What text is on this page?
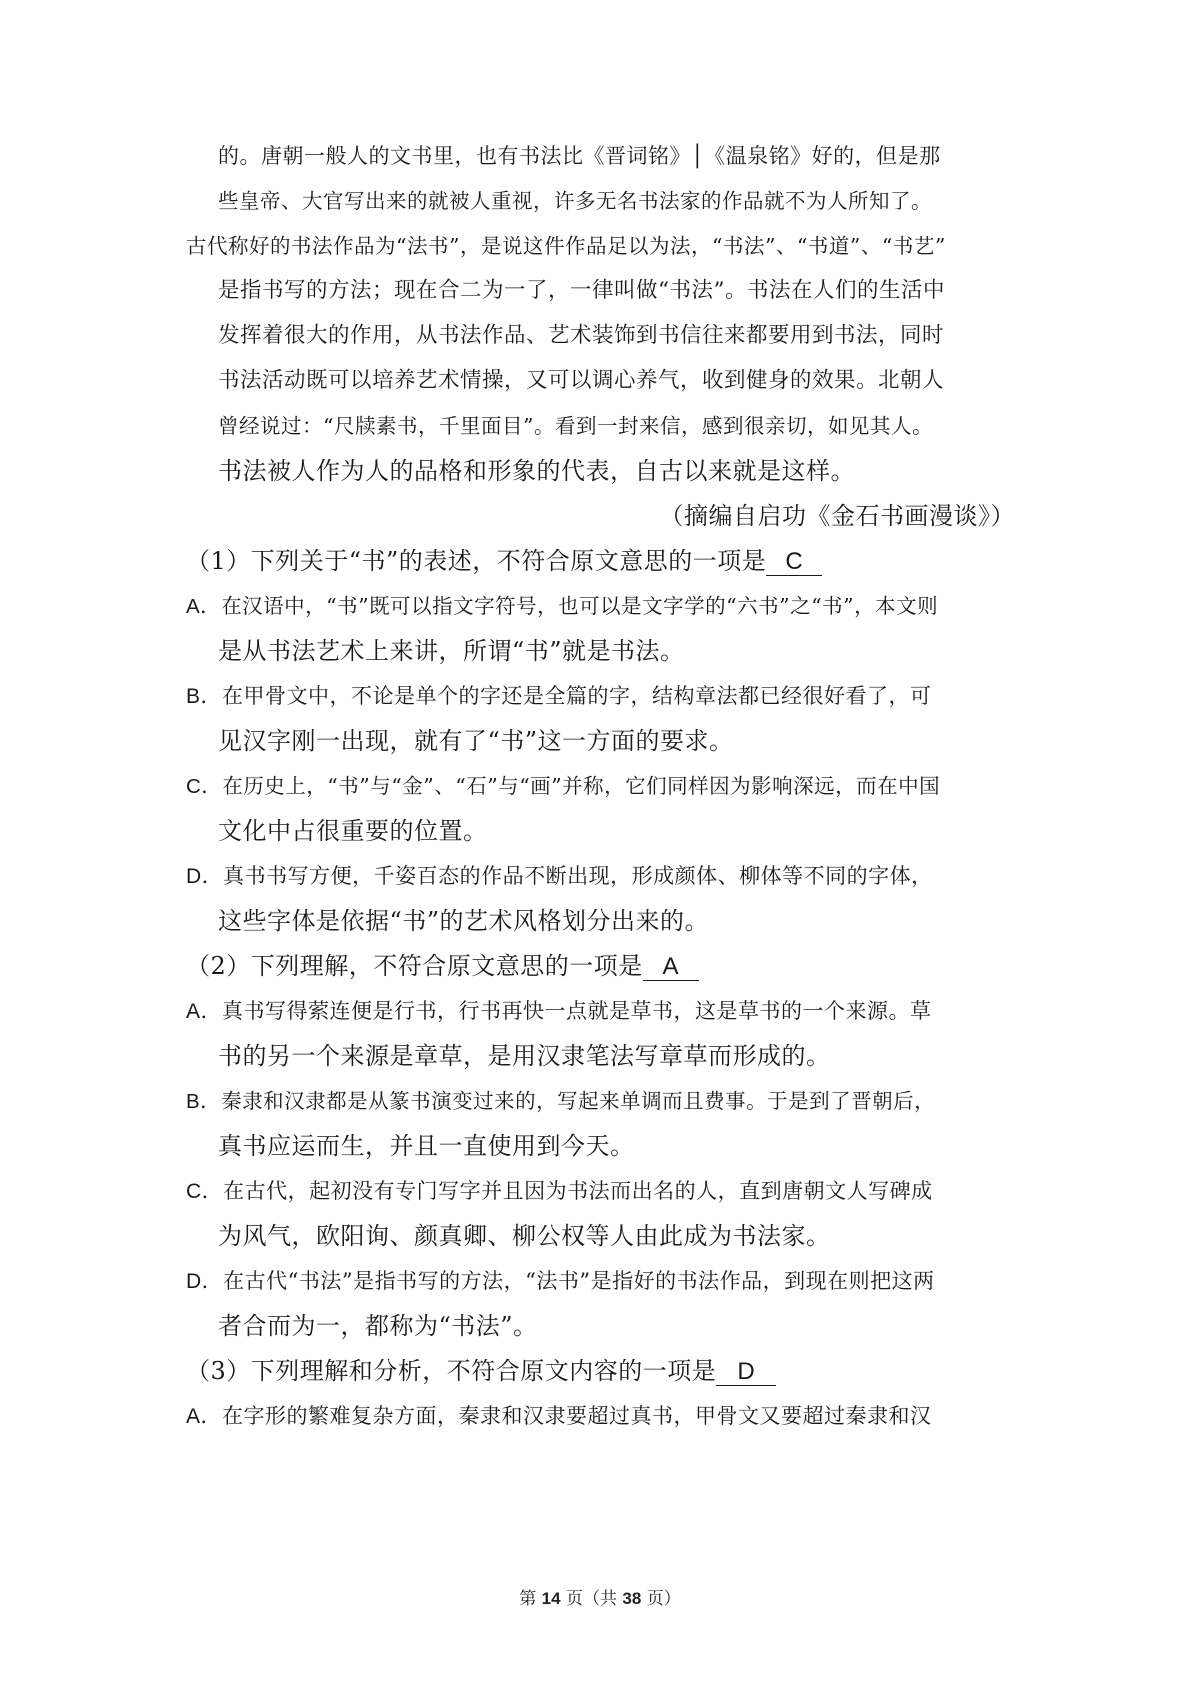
的。唐朝一般人的文书里，也有书法比《晋词铭》│《温泉铭》好的，但是那
些皇帝、大官写出来的就被人重视，许多无名书法家的作品就不为人所知了。
古代称好的书法作品为“法书”，是说这件作品足以为法，“书法”、“书道”、“书艺”
是指书写的方法；现在合二为一了，一律叫做“书法”。书法在人们的生活中
发挥着很大的作用，从书法作品、艺术装饰到书信往来都要用到书法，同时
书法活动既可以培养艺术情操，又可以调心养气，收到健身的效果。北朝人
曾经说过：“尺牍素书，千里面目”。看到一封来信，感到很亲切，如见其人。
书法被人作为人的品格和形象的代表，自古以来就是这样。
（摘编自启功《金石书画漫谈》）
（1）下列关于“书”的表述，不符合原文意思的一项是 C
A．在汉语中，“书”既可以指文字符号，也可以是文字学的“六书”之“书”，本文则
是从书法艺术上来讲，所谓“书”就是书法。
B．在甲骨文中，不论是单个的字还是全篇的字，结构章法都已经很好看了，可
见汉字刚一出现，就有了“书”这一方面的要求。
C．在历史上，“书”与“金”、“石”与“画”并称，它们同样因为影响深远，而在中国
文化中占很重要的位置。
D．真书书写方便，千姿百态的作品不断出现，形成颜体、柳体等不同的字体，
这些字体是依据“书”的艺术风格划分出来的。
（2）下列理解，不符合原文意思的一项是 A
A．真书写得萦连便是行书，行书再快一点就是草书，这是草书的一个来源。草
书的另一个来源是章草，是用汉隶笔法写章草而形成的。
B．秦隶和汉隶都是从篆书演变过来的，写起来单调而且费事。于是到了晋朝后，
真书应运而生，并且一直使用到今天。
C．在古代，起初没有专门写字并且因为书法而出名的人，直到唐朝文人写碑成
为风气，欧阳询、颜真卿、柳公权等人由此成为书法家。
D．在古代“书法”是指书写的方法，“法书”是指好的书法作品，到现在则把这两
者合而为一，都称为“书法”。
（3）下列理解和分析，不符合原文内容的一项是 D
A．在字形的繁难复杂方面，秦隶和汉隶要超过真书，甲骨文又要超过秦隶和汉
第 14 页（共 38 页）
